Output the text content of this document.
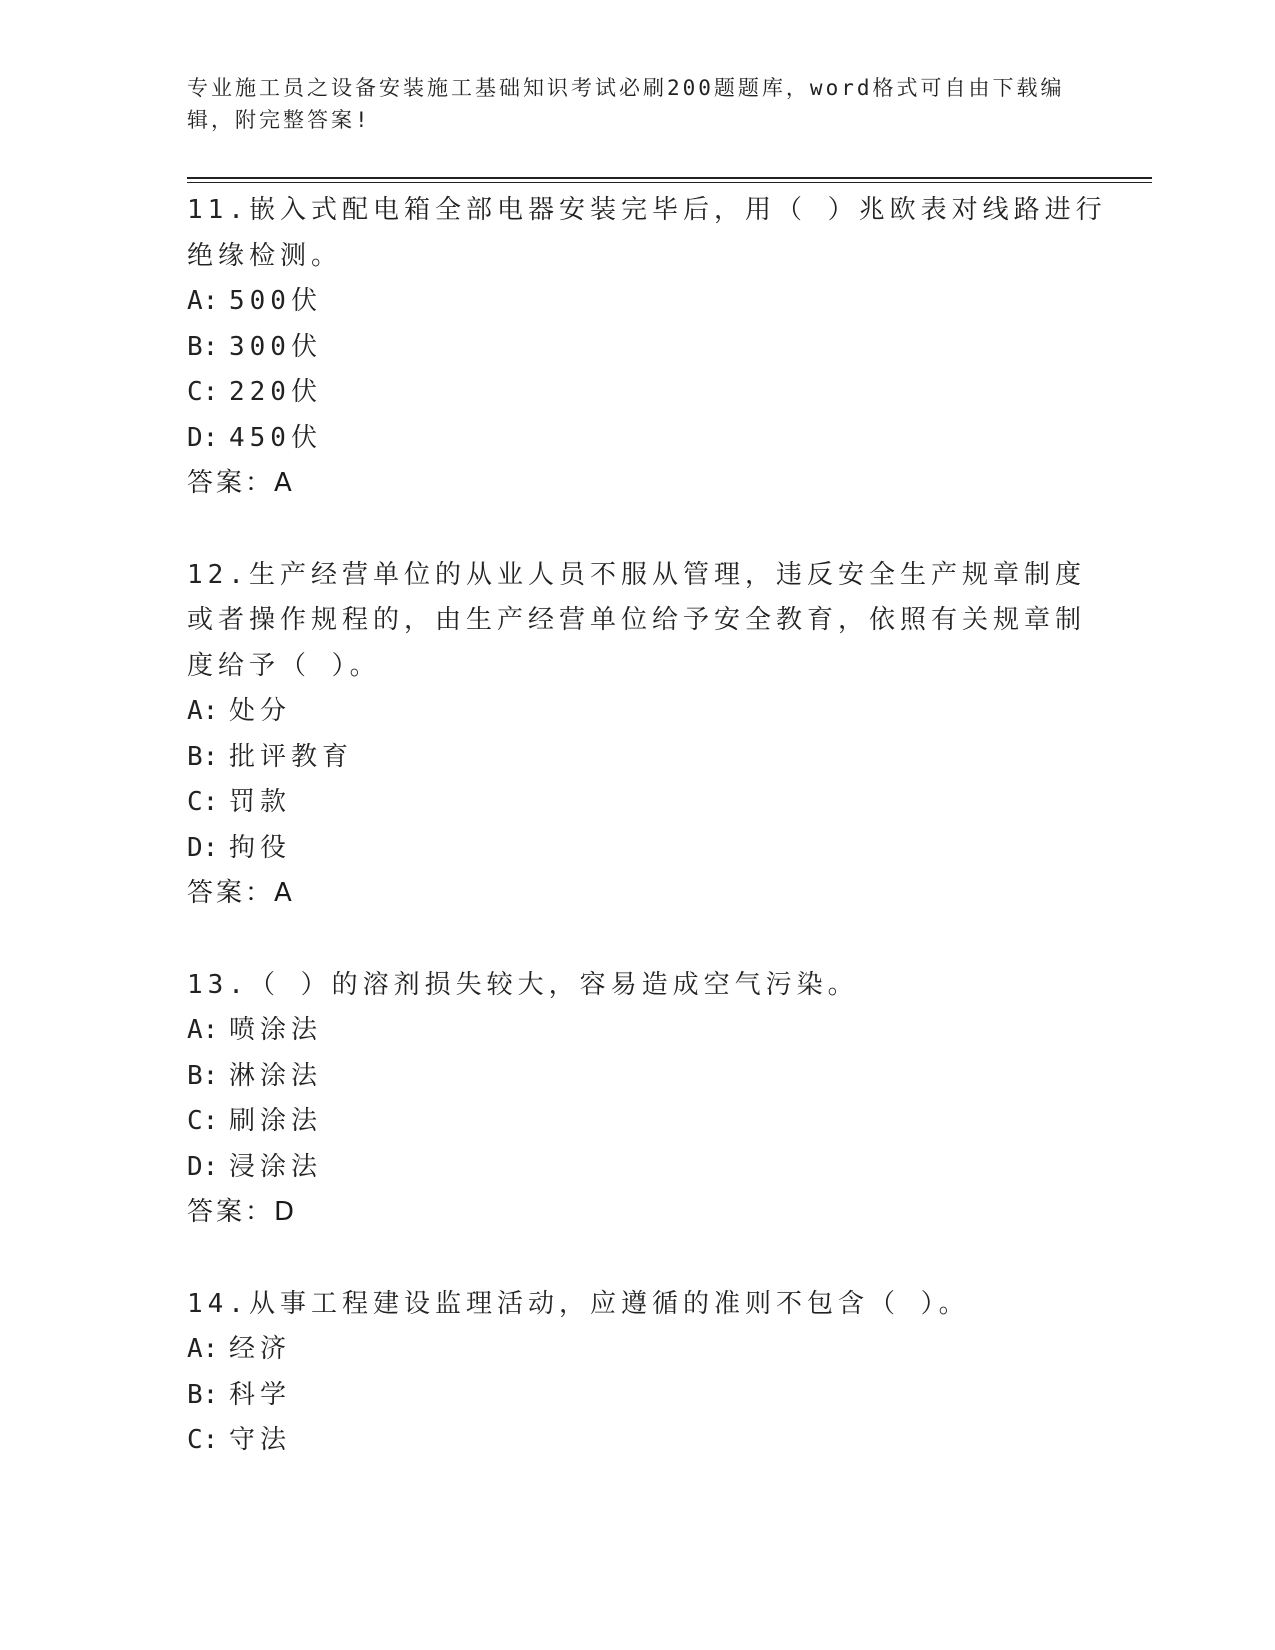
专业施工员之设备安装施工基础知识考试必刷200题题库，word格式可自由下载编辑，附完整答案!

11.嵌入式配电箱全部电器安装完毕后，用（ ）兆欧表对线路进行绝缘检测。

A: 500伏
B: 300伏
C: 220伏
D: 450伏

答案：A

12.生产经营单位的从业人员不服从管理，违反安全生产规章制度或者操作规程的，由生产经营单位给予安全教育，依照有关规章制度给予（ ）。

A: 处分
B: 批评教育
C: 罚款
D: 拘役

答案：A

13.（ ）的溶剂损失较大，容易造成空气污染。

A: 喷涂法
B: 淋涂法
C: 刷涂法
D: 浸涂法

答案：D

14.从事工程建设监理活动，应遵循的准则不包含（ ）。

A: 经济
B: 科学
C: 守法
